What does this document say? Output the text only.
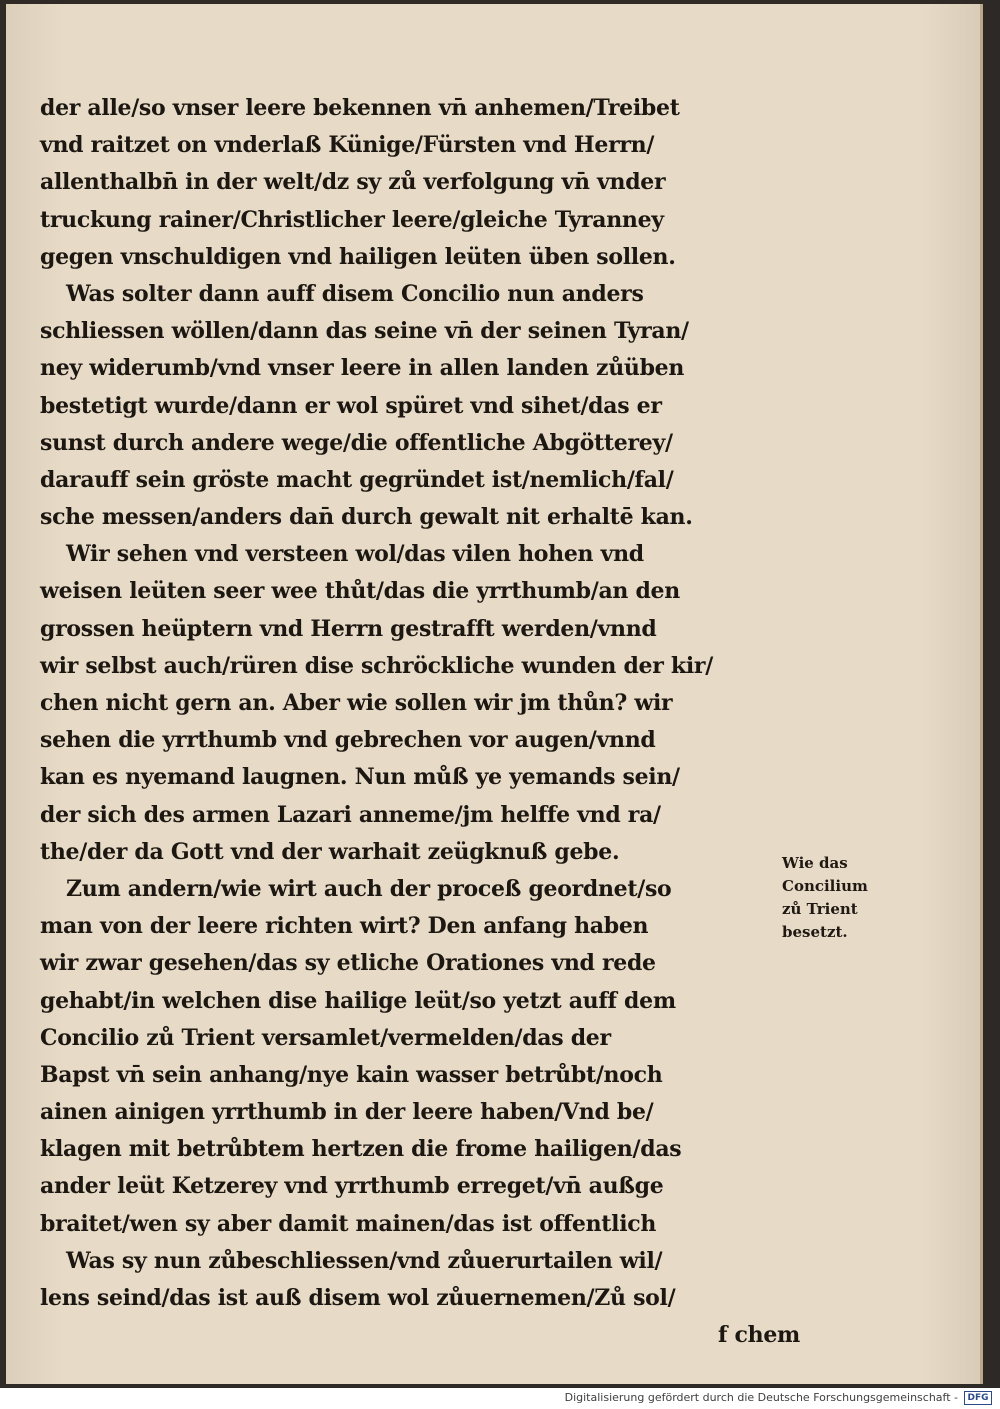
der alle/so vnser leere bekennen vn̄ anhemen/Treibet
vnd raitzet on vnderlaß Künige/Fürsten vnd Herrn/
allenthalbn̄ in der welt/dz sy zů verfolgung vn̄ vnder
truckung rainer/Christlicher leere/gleiche Tyranney
gegen vnschuldigen vnd hailigen leüten üben sollen.
Was solter dann auff disem Concilio nun anders
schliessen wöllen/dann das seine vn̄ der seinen Tyran/
ney widerumb/vnd vnser leere in allen landen zůüben
bestetigt wurde/dann er wol spüret vnd sihet/das er
sunst durch andere wege/die offentliche Abgötterey/
darauff sein gröste macht gegründet ist/nemlich/fal/
sche messen/anders dan̄ durch gewalt nit erhaltē kan.
Wir sehen vnd versteen wol/das vilen hohen vnd
weisen leüten seer wee thůt/das die yrrthumb/an den
grossen heüptern vnd Herrn gestrafft werden/vnnd
wir selbst auch/rüren dise schröckliche wunden der kir/
chen nicht gern an. Aber wie sollen wir jm thůn? wir
sehen die yrrthumb vnd gebrechen vor augen/vnnd
kan es nyemand laugnen. Nun můß ye yemands sein/
der sich des armen Lazari anneme/jm helffe vnd ra/
the/der da Gott vnd der warhait zeügknuß gebe.
Zum andern/wie wirt auch der proceß geordnet/so
man von der leere richten wirt? Den anfang haben
wir zwar gesehen/das sy etliche Orationes vnd rede
gehabt/in welchen dise hailige leüt/so yetzt auff dem
Concilio zů Trient versamlet/vermelden/das der
Bapst vn̄ sein anhang/nye kain wasser betrůbt/noch
ainen ainigen yrrthumb in der leere haben/Vnd be/
klagen mit betrůbtem hertzen die frome hailigen/das
ander leüt Ketzerey vnd yrrthumb erreget/vn̄ außge
braitet/wen sy aber damit mainen/das ist offentlich
Was sy nun zůbeschliessen/vnd zůuerurtailen wil/
lens seind/das ist auß disem wol zůuernemen/Zů sol/
f chem
Wie das
Concilium
zů Trient
besetzt.
Digitalisierung gefördert durch die Deutsche Forschungsgemeinschaft -	DFG
